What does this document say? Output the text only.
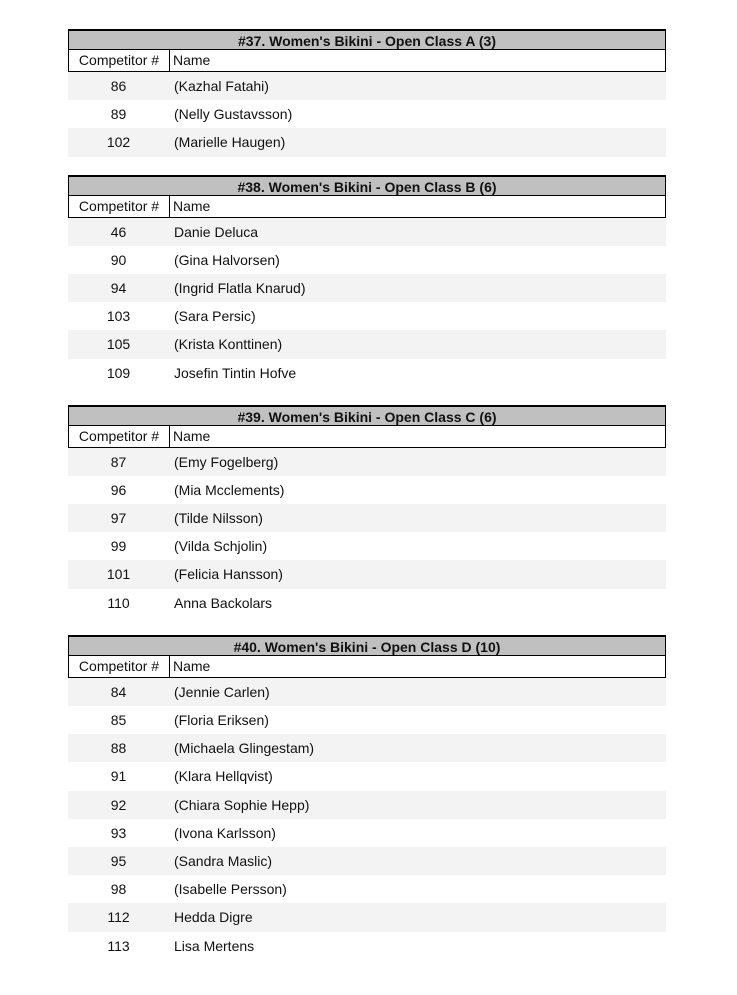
#37. Women's Bikini - Open Class A (3)
Competitor # Name
86	(Kazhal Fatahi)
89	(Nelly Gustavsson)
102	(Marielle Haugen)
#38. Women's Bikini - Open Class B (6)
Competitor # Name
46	Danie Deluca
90	(Gina Halvorsen)
94	(Ingrid Flatla Knarud)
103	(Sara Persic)
105	(Krista Konttinen)
109	Josefin Tintin Hofve
#39. Women's Bikini - Open Class C (6)
Competitor # Name
87	(Emy Fogelberg)
96	(Mia Mcclements)
97	(Tilde Nilsson)
99	(Vilda Schjolin)
101	(Felicia Hansson)
110	Anna Backolars
#40. Women's Bikini - Open Class D (10)
Competitor # Name
84	(Jennie Carlen)
85	(Floria Eriksen)
88	(Michaela Glingestam)
91	(Klara Hellqvist)
92	(Chiara Sophie Hepp)
93	(Ivona Karlsson)
95	(Sandra Maslic)
98	(Isabelle Persson)
112	Hedda Digre
113	Lisa Mertens
